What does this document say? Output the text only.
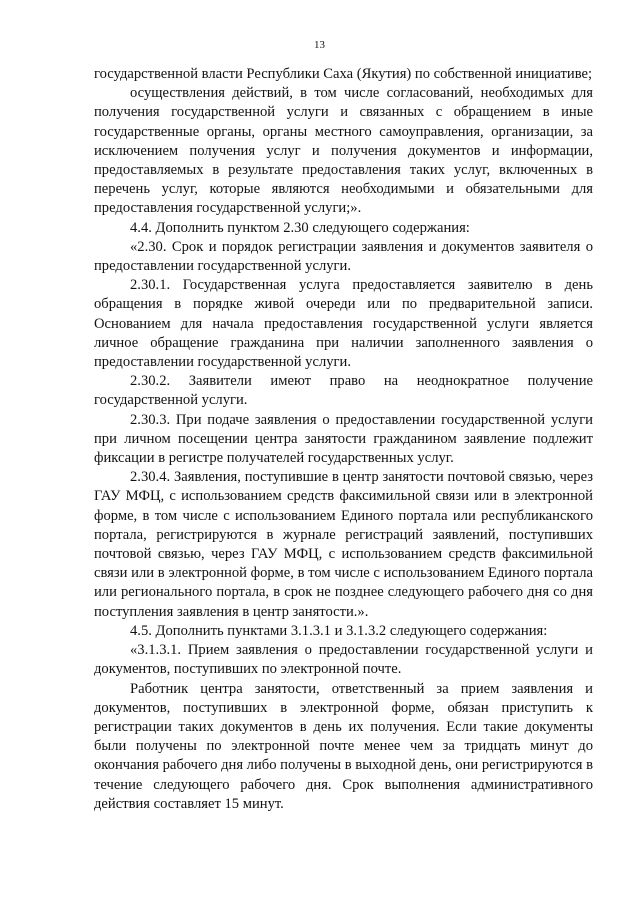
13

государственной власти Республики Саха (Якутия) по собственной инициативе;

осуществления действий, в том числе согласований, необходимых для получения государственной услуги и связанных с обращением в иные государственные органы, органы местного самоуправления, организации, за исключением получения услуг и получения документов и информации, предоставляемых в результате предоставления таких услуг, включенных в перечень услуг, которые являются необходимыми и обязательными для предоставления государственной услуги;».

4.4. Дополнить пунктом 2.30 следующего содержания:

«2.30. Срок и порядок регистрации заявления и документов заявителя о предоставлении государственной услуги.

2.30.1. Государственная услуга предоставляется заявителю в день обращения в порядке живой очереди или по предварительной записи. Основанием для начала предоставления государственной услуги является личное обращение гражданина при наличии заполненного заявления о предоставлении государственной услуги.

2.30.2. Заявители имеют право на неоднократное получение государственной услуги.

2.30.3. При подаче заявления о предоставлении государственной услуги при личном посещении центра занятости гражданином заявление подлежит фиксации в регистре получателей государственных услуг.

2.30.4. Заявления, поступившие в центр занятости почтовой связью, через ГАУ МФЦ, с использованием средств факсимильной связи или в электронной форме, в том числе с использованием Единого портала или республиканского портала, регистрируются в журнале регистраций заявлений, поступивших почтовой связью, через ГАУ МФЦ, с использованием средств факсимильной связи или в электронной форме, в том числе с использованием Единого портала или регионального портала, в срок не позднее следующего рабочего дня со дня поступления заявления в центр занятости.».

4.5. Дополнить пунктами 3.1.3.1 и 3.1.3.2 следующего содержания:

«3.1.3.1. Прием заявления о предоставлении государственной услуги и документов, поступивших по электронной почте.

Работник центра занятости, ответственный за прием заявления и документов, поступивших в электронной форме, обязан приступить к регистрации таких документов в день их получения. Если такие документы были получены по электронной почте менее чем за тридцать минут до окончания рабочего дня либо получены в выходной день, они регистрируются в течение следующего рабочего дня. Срок выполнения административного действия составляет 15 минут.
